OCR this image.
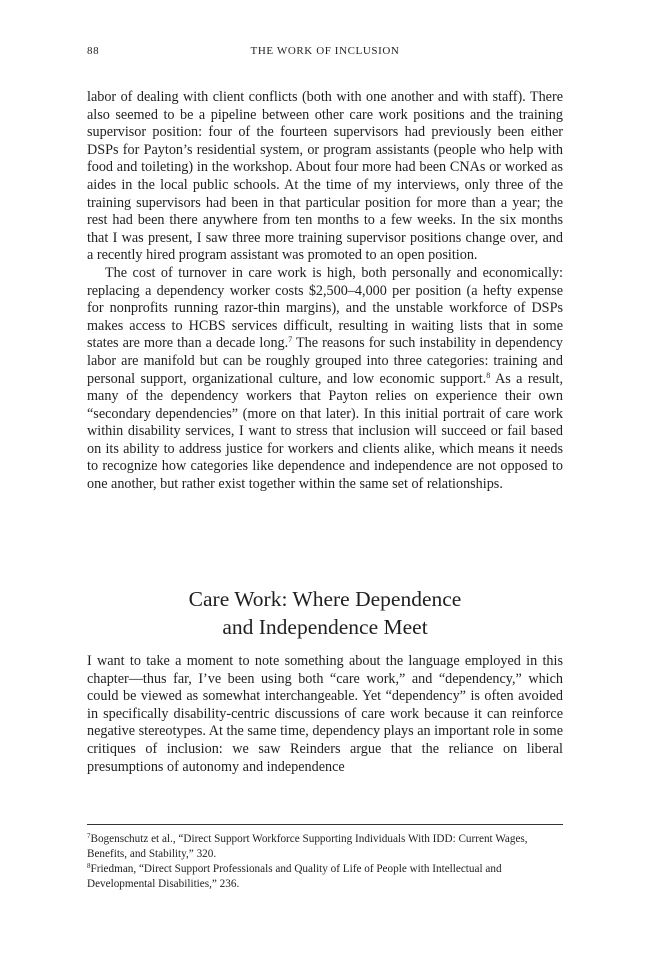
88	THE WORK OF INCLUSION

labor of dealing with client conflicts (both with one another and with staff). There also seemed to be a pipeline between other care work positions and the training supervisor position: four of the fourteen supervisors had previously been either DSPs for Payton’s residential system, or program assistants (people who help with food and toileting) in the workshop. About four more had been CNAs or worked as aides in the local public schools. At the time of my interviews, only three of the training supervisors had been in that particular position for more than a year; the rest had been there anywhere from ten months to a few weeks. In the six months that I was present, I saw three more training supervisor positions change over, and a recently hired program assistant was promoted to an open position.

The cost of turnover in care work is high, both personally and economically: replacing a dependency worker costs $2,500–4,000 per position (a hefty expense for nonprofits running razor-thin margins), and the unstable workforce of DSPs makes access to HCBS services difficult, resulting in waiting lists that in some states are more than a decade long.$^7$ The reasons for such instability in dependency labor are manifold but can be roughly grouped into three categories: training and personal support, organizational culture, and low economic support.$^8$ As a result, many of the dependency workers that Payton relies on experience their own “secondary dependencies” (more on that later). In this initial portrait of care work within disability services, I want to stress that inclusion will succeed or fail based on its ability to address justice for workers and clients alike, which means it needs to recognize how categories like dependence and independence are not opposed to one another, but rather exist together within the same set of relationships.

Care Work: Where Dependence
and Independence Meet

I want to take a moment to note something about the language employed in this chapter—thus far, I’ve been using both “care work,” and “dependency,” which could be viewed as somewhat interchangeable. Yet “dependency” is often avoided in specifically disability-centric discussions of care work because it can reinforce negative stereotypes. At the same time, dependency plays an important role in some critiques of inclusion: we saw Reinders argue that the reliance on liberal presumptions of autonomy and independence

$^7$Bogenschutz et al., “Direct Support Workforce Supporting Individuals With IDD: Current Wages, Benefits, and Stability,” 320.

$^8$Friedman, “Direct Support Professionals and Quality of Life of People with Intellectual and Developmental Disabilities,” 236.
